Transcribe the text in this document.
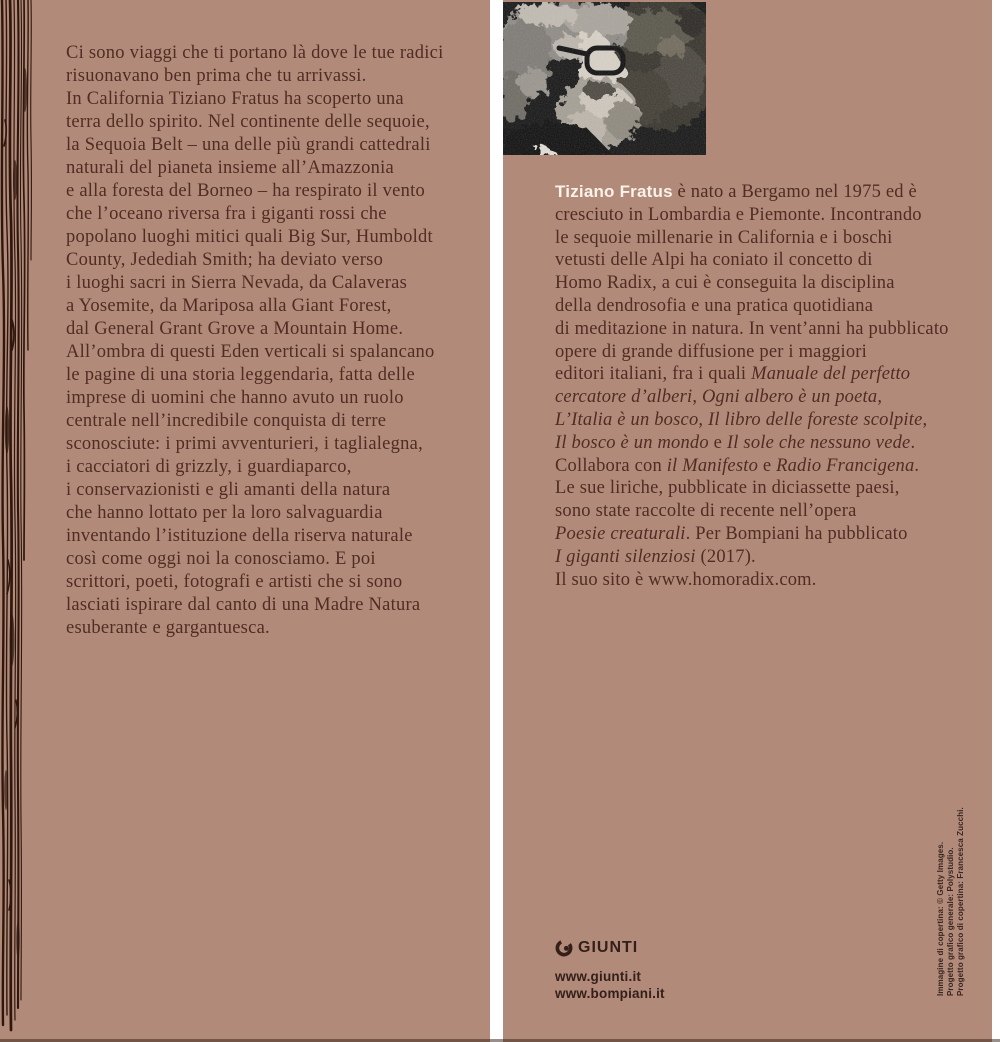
Ci sono viaggi che ti portano là dove le tue radici
risuonavano ben prima che tu arrivassi.
In California Tiziano Fratus ha scoperto una
terra dello spirito. Nel continente delle sequoie,
la Sequoia Belt – una delle più grandi cattedrali
naturali del pianeta insieme all’Amazzonia
e alla foresta del Borneo – ha respirato il vento
che l’oceano riversa fra i giganti rossi che
popolano luoghi mitici quali Big Sur, Humboldt
County, Jedediah Smith; ha deviato verso
i luoghi sacri in Sierra Nevada, da Calaveras
a Yosemite, da Mariposa alla Giant Forest,
dal General Grant Grove a Mountain Home.
All’ombra di questi Eden verticali si spalancano
le pagine di una storia leggendaria, fatta delle
imprese di uomini che hanno avuto un ruolo
centrale nell’incredibile conquista di terre
sconosciute: i primi avventurieri, i taglialegna,
i cacciatori di grizzly, i guardiaparco,
i conservazionisti e gli amanti della natura
che hanno lottato per la loro salvaguardia
inventando l’istituzione della riserva naturale
così come oggi noi la conosciamo. E poi
scrittori, poeti, fotografi e artisti che si sono
lasciati ispirare dal canto di una Madre Natura
esuberante e gargantuesca.
Tiziano Fratus è nato a Bergamo nel 1975 ed è
cresciuto in Lombardia e Piemonte. Incontrando
le sequoie millenarie in California e i boschi
vetusti delle Alpi ha coniato il concetto di
Homo Radix, a cui è conseguita la disciplina
della dendrosofia e una pratica quotidiana
di meditazione in natura. In vent’anni ha pubblicato
opere di grande diffusione per i maggiori
editori italiani, fra i quali Manuale del perfetto
cercatore d’alberi, Ogni albero è un poeta,
L’Italia è un bosco, Il libro delle foreste scolpite,
Il bosco è un mondo e Il sole che nessuno vede.
Collabora con il Manifesto e Radio Francigena.
Le sue liriche, pubblicate in diciassette paesi,
sono state raccolte di recente nell’opera
Poesie creaturali. Per Bompiani ha pubblicato
I giganti silenziosi (2017).
Il suo sito è www.homoradix.com.
GIUNTI
www.giunti.it
www.bompiani.it	Immagine di copertina: © Getty Images. Progetto grafico generale: Polystudio. Progetto grafico di copertina: Francesca Zucchi.
